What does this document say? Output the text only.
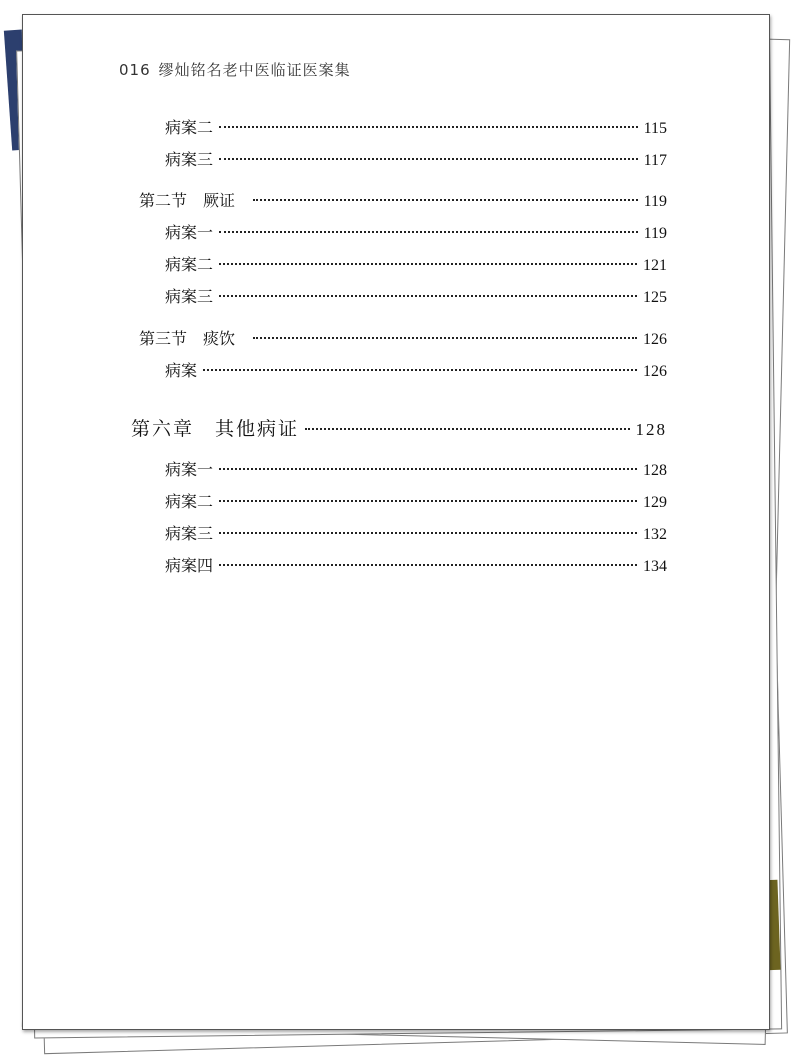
016 缪灿铭名老中医临证医案集
病案二	115
病案三	117
第二节　厥证	119
病案一	119
病案二	121
病案三	125
第三节　痰饮	126
病案	126
第六章　其他病证	128
病案一	128
病案二	129
病案三	132
病案四	134
